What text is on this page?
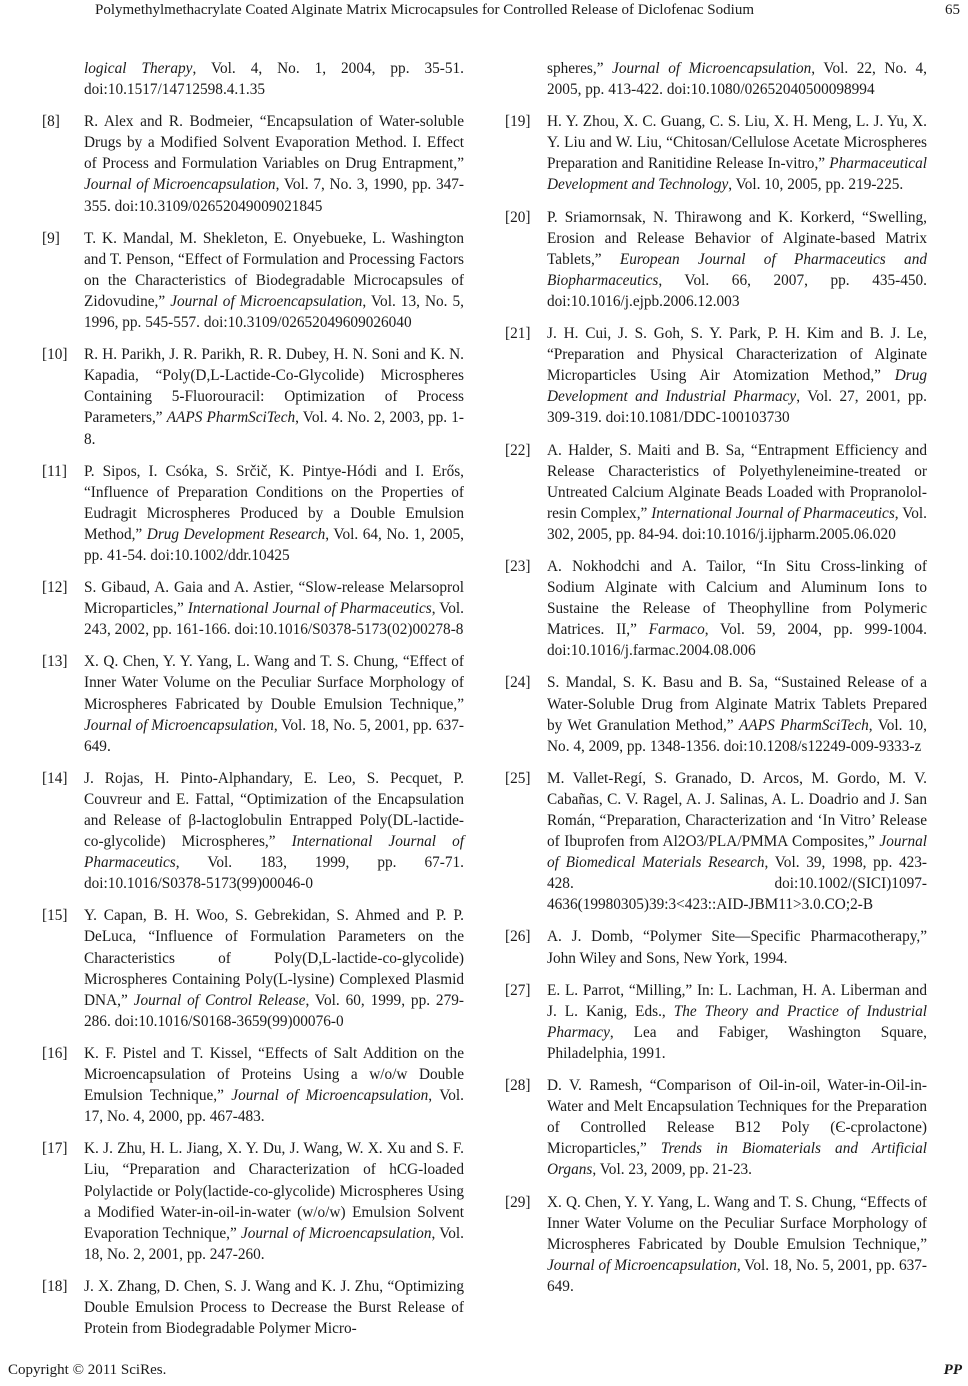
Polymethylmethacrylate Coated Alginate Matrix Microcapsules for Controlled Release of Diclofenac Sodium	65
logical Therapy, Vol. 4, No. 1, 2004, pp. 35-51. doi:10.1517/14712598.4.1.35
[8]	R. Alex and R. Bodmeier, “Encapsulation of Water-soluble Drugs by a Modified Solvent Evaporation Method. I. Effect of Process and Formulation Variables on Drug Entrapment,” Journal of Microencapsulation, Vol. 7, No. 3, 1990, pp. 347-355. doi:10.3109/02652049009021845
[9]	T. K. Mandal, M. Shekleton, E. Onyebueke, L. Washington and T. Penson, “Effect of Formulation and Processing Factors on the Characteristics of Biodegradable Microcapsules of Zidovudine,” Journal of Microencapsulation, Vol. 13, No. 5, 1996, pp. 545-557. doi:10.3109/02652049609026040
[10]	R. H. Parikh, J. R. Parikh, R. R. Dubey, H. N. Soni and K. N. Kapadia, “Poly(D,L-Lactide-Co-Glycolide) Microspheres Containing 5-Fluorouracil: Optimization of Process Parameters,” AAPS PharmSciTech, Vol. 4. No. 2, 2003, pp. 1-8.
[11]	P. Sipos, I. Csóka, S. Srčič, K. Pintye-Hódi and I. Erős, “Influence of Preparation Conditions on the Properties of Eudragit Microspheres Produced by a Double Emulsion Method,” Drug Development Research, Vol. 64, No. 1, 2005, pp. 41-54. doi:10.1002/ddr.10425
[12]	S. Gibaud, A. Gaia and A. Astier, “Slow-release Melarsoprol Microparticles,” International Journal of Pharmaceutics, Vol. 243, 2002, pp. 161-166. doi:10.1016/S0378-5173(02)00278-8
[13]	X. Q. Chen, Y. Y. Yang, L. Wang and T. S. Chung, “Effect of Inner Water Volume on the Peculiar Surface Morphology of Microspheres Fabricated by Double Emulsion Technique,” Journal of Microencapsulation, Vol. 18, No. 5, 2001, pp. 637-649.
[14]	J. Rojas, H. Pinto-Alphandary, E. Leo, S. Pecquet, P. Couvreur and E. Fattal, “Optimization of the Encapsulation and Release of β-lactoglobulin Entrapped Poly(DL-lactide-co-glycolide) Microspheres,” International Journal of Pharmaceutics, Vol. 183, 1999, pp. 67-71. doi:10.1016/S0378-5173(99)00046-0
[15]	Y. Capan, B. H. Woo, S. Gebrekidan, S. Ahmed and P. P. DeLuca, “Influence of Formulation Parameters on the Characteristics of Poly(D,L-lactide-co-glycolide) Microspheres Containing Poly(L-lysine) Complexed Plasmid DNA,” Journal of Control Release, Vol. 60, 1999, pp. 279-286. doi:10.1016/S0168-3659(99)00076-0
[16]	K. F. Pistel and T. Kissel, “Effects of Salt Addition on the Microencapsulation of Proteins Using a w/o/w Double Emulsion Technique,” Journal of Microencapsulation, Vol. 17, No. 4, 2000, pp. 467-483.
[17]	K. J. Zhu, H. L. Jiang, X. Y. Du, J. Wang, W. X. Xu and S. F. Liu, “Preparation and Characterization of hCG-loaded Polylactide or Poly(lactide-co-glycolide) Microspheres Using a Modified Water-in-oil-in-water (w/o/w) Emulsion Solvent Evaporation Technique,” Journal of Microencapsulation, Vol. 18, No. 2, 2001, pp. 247-260.
[18]	J. X. Zhang, D. Chen, S. J. Wang and K. J. Zhu, “Optimizing Double Emulsion Process to Decrease the Burst Release of Protein from Biodegradable Polymer Micro-
spheres,” Journal of Microencapsulation, Vol. 22, No. 4, 2005, pp. 413-422. doi:10.1080/02652040500098994
[19]	H. Y. Zhou, X. C. Guang, C. S. Liu, X. H. Meng, L. J. Yu, X. Y. Liu and W. Liu, “Chitosan/Cellulose Acetate Microspheres Preparation and Ranitidine Release In-vitro,” Pharmaceutical Development and Technology, Vol. 10, 2005, pp. 219-225.
[20]	P. Sriamornsak, N. Thirawong and K. Korkerd, “Swelling, Erosion and Release Behavior of Alginate-based Matrix Tablets,” European Journal of Pharmaceutics and Biopharmaceutics, Vol. 66, 2007, pp. 435-450. doi:10.1016/j.ejpb.2006.12.003
[21]	J. H. Cui, J. S. Goh, S. Y. Park, P. H. Kim and B. J. Le, “Preparation and Physical Characterization of Alginate Microparticles Using Air Atomization Method,” Drug Development and Industrial Pharmacy, Vol. 27, 2001, pp. 309-319. doi:10.1081/DDC-100103730
[22]	A. Halder, S. Maiti and B. Sa, “Entrapment Efficiency and Release Characteristics of Polyethyleneimine-treated or Untreated Calcium Alginate Beads Loaded with Propranolol-resin Complex,” International Journal of Pharmaceutics, Vol. 302, 2005, pp. 84-94. doi:10.1016/j.ijpharm.2005.06.020
[23]	A. Nokhodchi and A. Tailor, “In Situ Cross-linking of Sodium Alginate with Calcium and Aluminum Ions to Sustaine the Release of Theophylline from Polymeric Matrices. II,” Farmaco, Vol. 59, 2004, pp. 999-1004. doi:10.1016/j.farmac.2004.08.006
[24]	S. Mandal, S. K. Basu and B. Sa, “Sustained Release of a Water-Soluble Drug from Alginate Matrix Tablets Prepared by Wet Granulation Method,” AAPS PharmSciTech, Vol. 10, No. 4, 2009, pp. 1348-1356. doi:10.1208/s12249-009-9333-z
[25]	M. Vallet-Regí, S. Granado, D. Arcos, M. Gordo, M. V. Cabañas, C. V. Ragel, A. J. Salinas, A. L. Doadrio and J. San Román, “Preparation, Characterization and ‘In Vitro’ Release of Ibuprofen from Al2O3/PLA/PMMA Composites,” Journal of Biomedical Materials Research, Vol. 39, 1998, pp. 423-428. doi:10.1002/(SICI)1097-4636(19980305)39:3<423::AID-JBM11>3.0.CO;2-B
[26]	A. J. Domb, “Polymer Site—Specific Pharmacotherapy,” John Wiley and Sons, New York, 1994.
[27]	E. L. Parrot, “Milling,” In: L. Lachman, H. A. Liberman and J. L. Kanig, Eds., The Theory and Practice of Industrial Pharmacy, Lea and Fabiger, Washington Square, Philadelphia, 1991.
[28]	D. V. Ramesh, “Comparison of Oil-in-oil, Water-in-Oil-in-Water and Melt Encapsulation Techniques for the Preparation of Controlled Release B12 Poly (Є-cprolactone) Microparticles,” Trends in Biomaterials and Artificial Organs, Vol. 23, 2009, pp. 21-23.
[29]	X. Q. Chen, Y. Y. Yang, L. Wang and T. S. Chung, “Effects of Inner Water Volume on the Peculiar Surface Morphology of Microspheres Fabricated by Double Emulsion Technique,” Journal of Microencapsulation, Vol. 18, No. 5, 2001, pp. 637-649.
Copyright © 2011 SciRes.	PP
